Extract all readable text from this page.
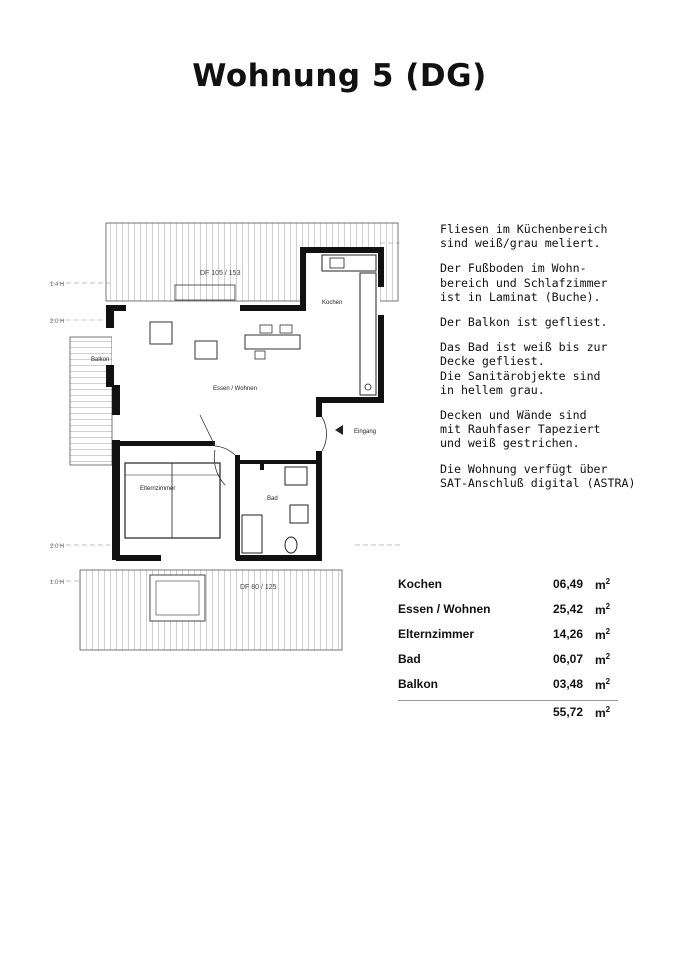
Wohnung 5 (DG)
1.4 H
2.0 H
2.0 H
1.0 H
Kochen
Essen / Wohnen
Elternzimmer
Bad
Balkon
Eingang
DF 105 / 153
DF 80 / 125

Fliesen im Küchenbereich
sind weiß/grau meliert.

Der Fußboden im Wohn-
bereich und Schlafzimmer
ist in Laminat (Buche).

Der Balkon ist gefliest.

Das Bad ist weiß bis zur
Decke gefliest.
Die Sanitärobjekte sind
in hellem grau.

Decken und Wände sind
mit Rauhfaser Tapeziert
und weiß gestrichen.

Die Wohnung verfügt über
SAT-Anschluß digital (ASTRA)

Kochen	06,49 $m^2$
Essen / Wohnen	25,42 $m^2$
Elternzimmer	14,26 $m^2$
Bad	06,07 $m^2$
Balkon	03,48 $m^2$
55,72 $m^2$
